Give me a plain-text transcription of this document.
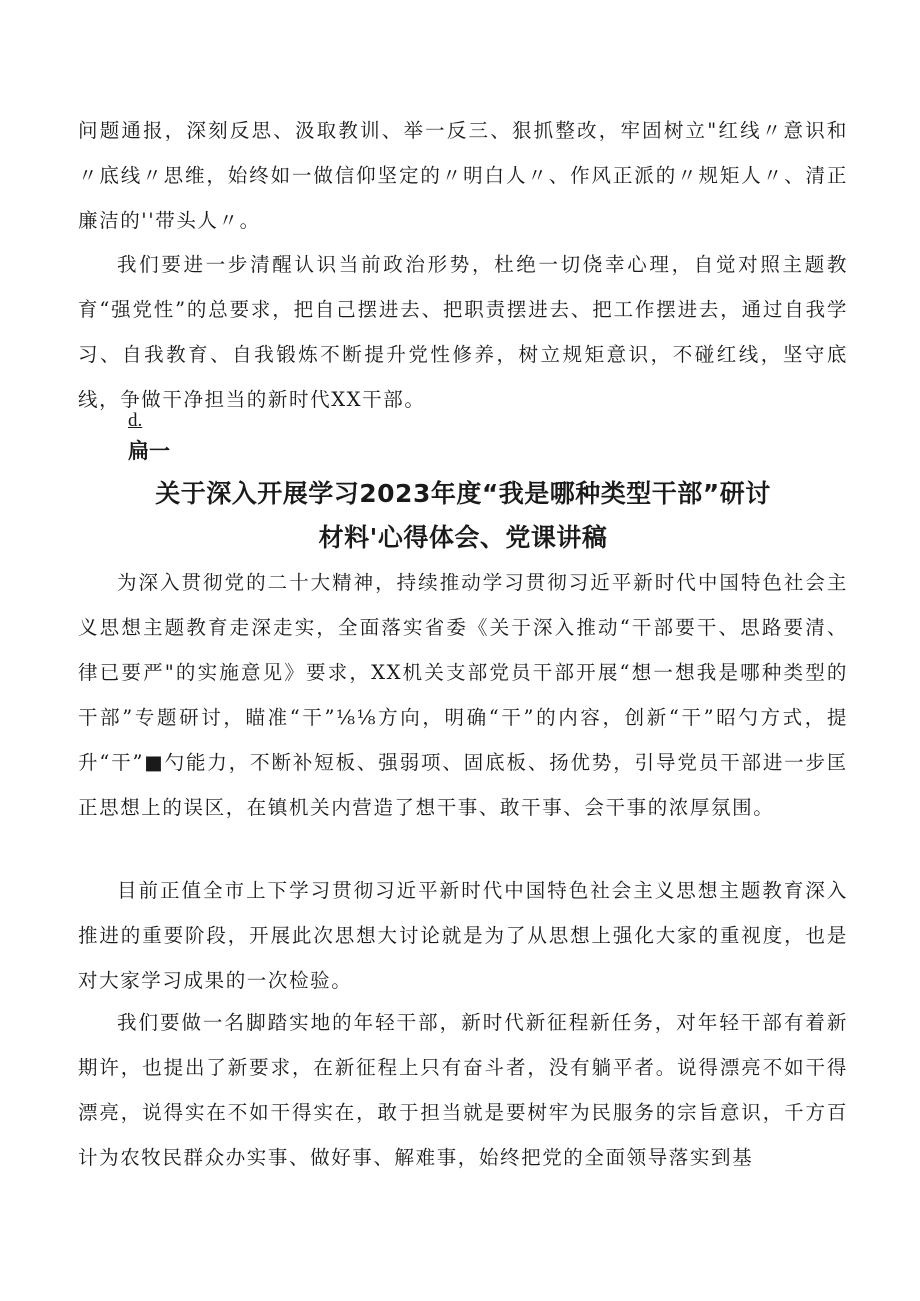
问题通报，深刻反思、汲取教训、举一反三、狠抓整改，牢固树立"红线〃意识和〃底线〃思维，始终如一做信仰坚定的〃明白人〃、作风正派的〃规矩人〃、清正廉洁的''带头人〃。

我们要进一步清醒认识当前政治形势，杜绝一切侥幸心理，自觉对照主题教育“强党性”的总要求，把自己摆进去、把职责摆进去、把工作摆进去，通过自我学习、自我教育、自我锻炼不断提升党性修养，树立规矩意识，不碰红线，坚守底线，争做干净担当的新时代XX干部。

d.
扁一
关于深入开展学习2023年度“我是哪种类型干部”研讨
材料'心得体会、党课讲稿

为深入贯彻党的二十大精神，持续推动学习贯彻习近平新时代中国特色社会主义思想主题教育走深走实，全面落实省委《关于深入推动“干部要干、思路要清、律已要严"的实施意见》要求，XX机关支部党员干部开展“想一想我是哪种类型的干部”专题研讨，瞄准“干”⅛⅛方向，明确“干”的内容，创新“干”昭勺方式，提升“干”■勺能力，不断补短板、强弱项、固底板、扬优势，引导党员干部进一步匡正思想上的误区，在镇机关内营造了想干事、敢干事、会干事的浓厚氛围。

目前正值全市上下学习贯彻习近平新时代中国特色社会主义思想主题教育深入推进的重要阶段，开展此次思想大讨论就是为了从思想上强化大家的重视度，也是对大家学习成果的一次检验。

我们要做一名脚踏实地的年轻干部，新时代新征程新任务，对年轻干部有着新期许，也提出了新要求，在新征程上只有奋斗者，没有躺平者。说得漂亮不如干得漂亮，说得实在不如干得实在，敢于担当就是要树牢为民服务的宗旨意识，千方百计为农牧民群众办实事、做好事、解难事，始终把党的全面领导落实到基
